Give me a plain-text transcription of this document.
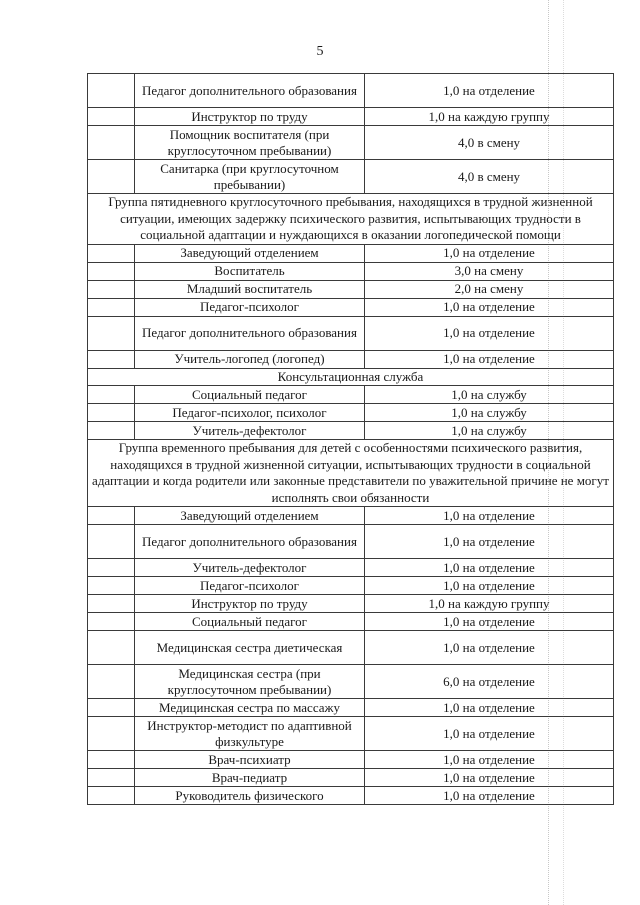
5
	Педагог дополнительного образования	1,0 на отделение
	Инструктор по труду	1,0 на каждую группу
	Помощник воспитателя (при круглосуточном пребывании)	4,0 в смену
	Санитарка (при круглосуточном пребывании)	4,0 в смену
Группа пятидневного круглосуточного пребывания, находящихся в трудной жизненной ситуации, имеющих задержку психического развития, испытывающих трудности в социальной адаптации и нуждающихся в оказании логопедической помощи		
	Заведующий отделением	1,0 на отделение
	Воспитатель	3,0 на смену
	Младший воспитатель	2,0 на смену
	Педагог-психолог	1,0 на отделение
	Педагог дополнительного образования	1,0 на отделение
	Учитель-логопед (логопед)	1,0 на отделение
Консультационная служба		
	Социальный педагог	1,0 на службу
	Педагог-психолог, психолог	1,0 на службу
	Учитель-дефектолог	1,0 на службу
Группа временного пребывания для детей с особенностями психического развития, находящихся в трудной жизненной ситуации, испытывающих трудности в социальной адаптации и когда родители или законные представители по уважительной причине не могут исполнять свои обязанности		
	Заведующий отделением	1,0 на отделение
	Педагог дополнительного образования	1,0 на отделение
	Учитель-дефектолог	1,0 на отделение
	Педагог-психолог	1,0 на отделение
	Инструктор по труду	1,0 на каждую группу
	Социальный педагог	1,0 на отделение
	Медицинская сестра диетическая	1,0 на отделение
	Медицинская сестра (при круглосуточном пребывании)	6,0 на отделение
	Медицинская сестра по массажу	1,0 на отделение
	Инструктор-методист по адаптивной физкультуре	1,0 на отделение
	Врач-психиатр	1,0 на отделение
	Врач-педиатр	1,0 на отделение
	Руководитель физического	1,0 на отделение
